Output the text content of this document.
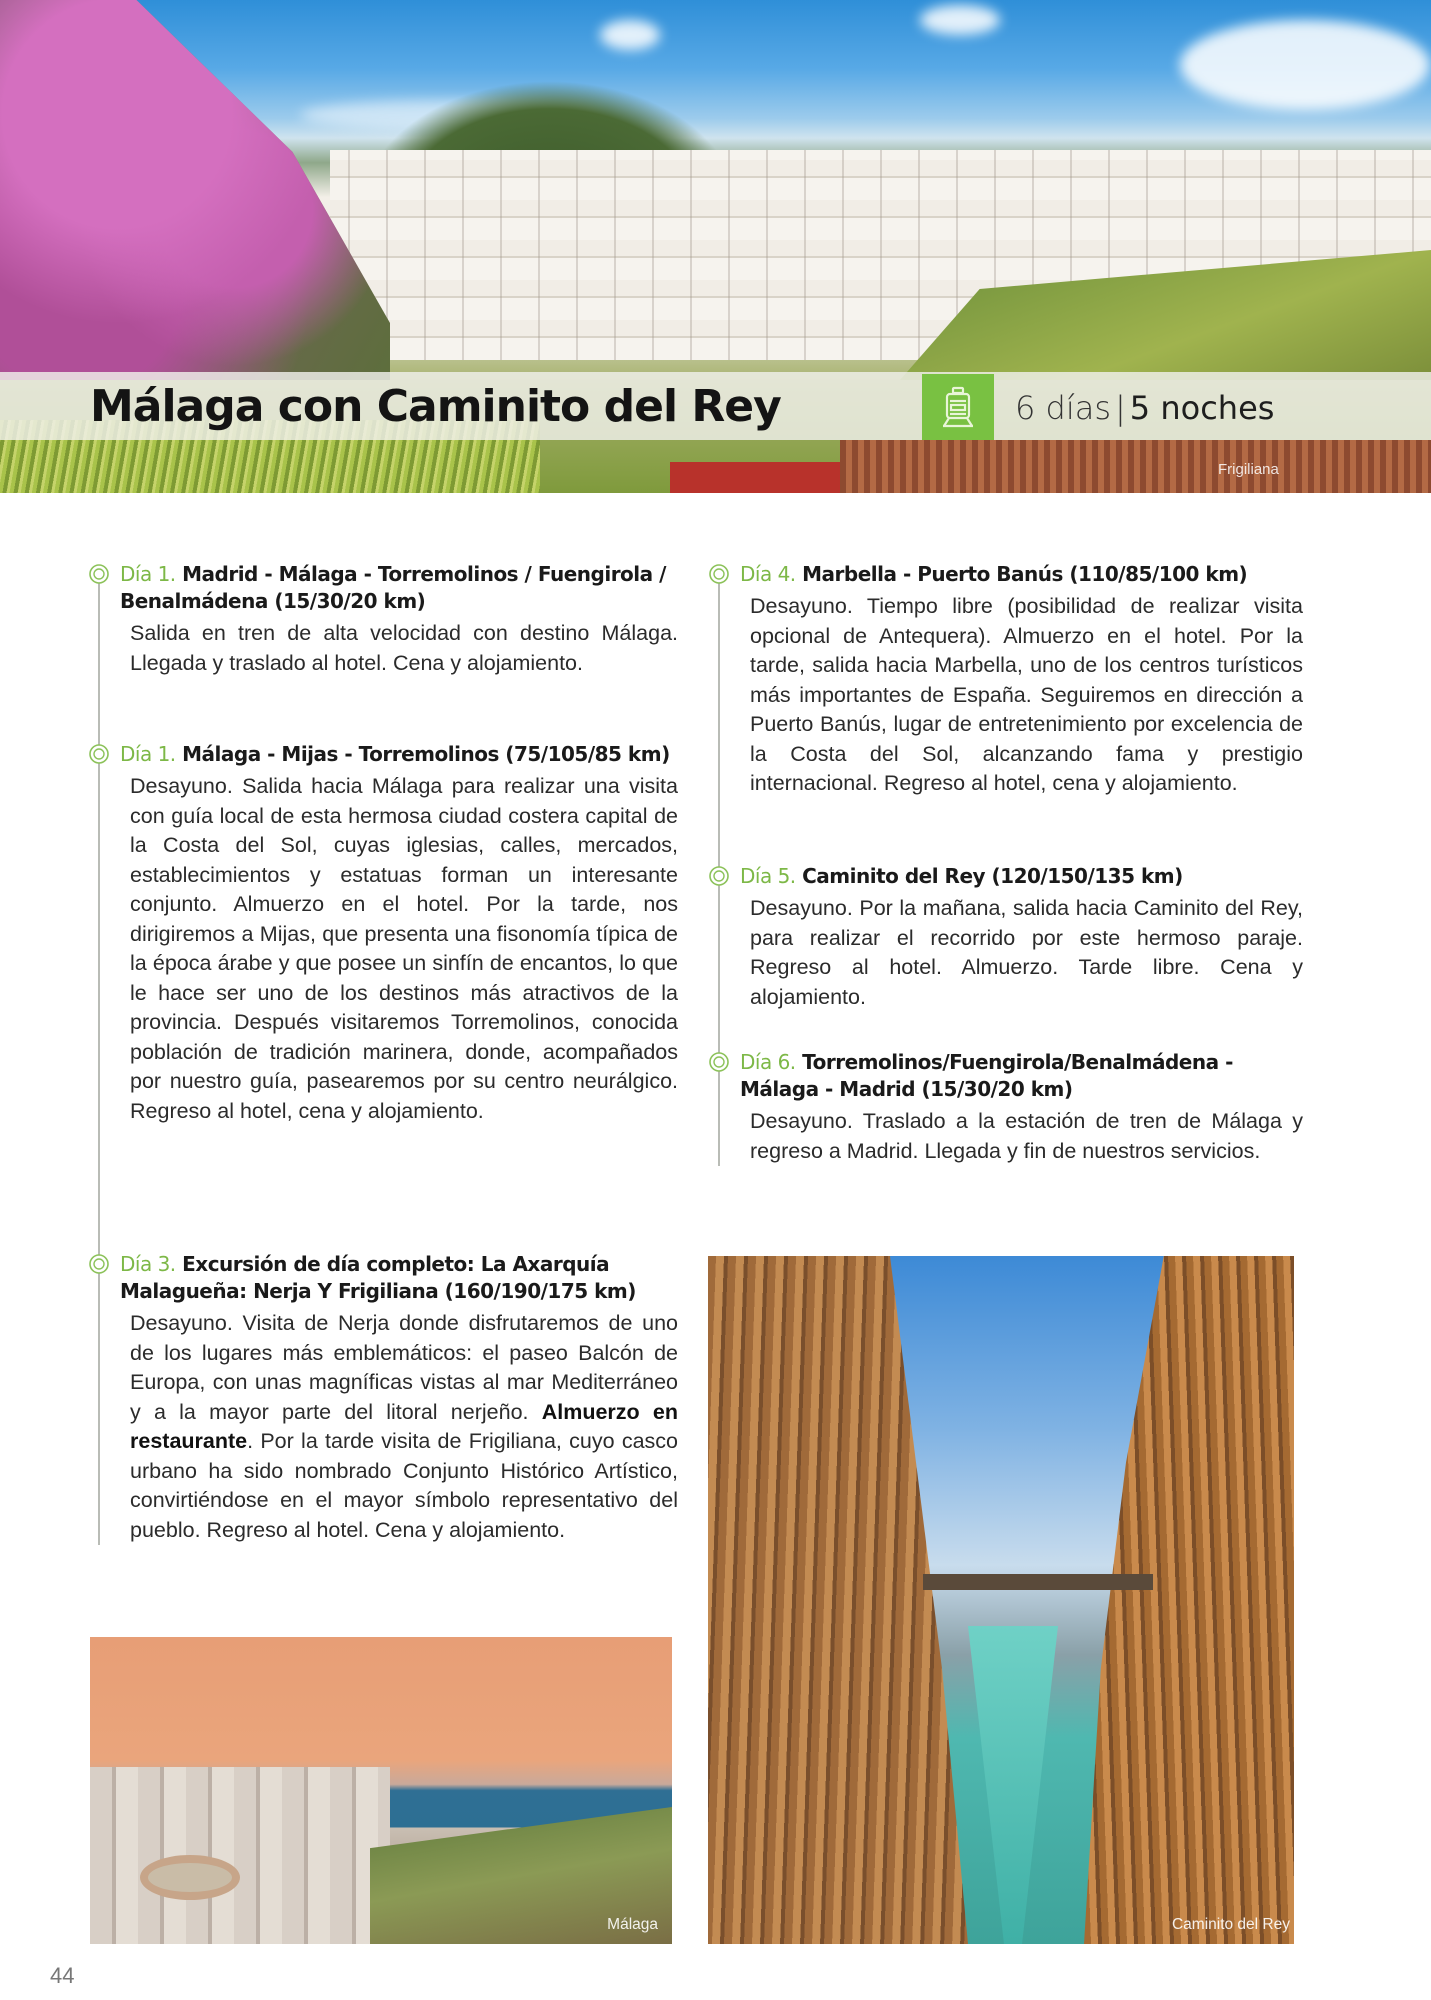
Frigiliana
Málaga con Caminito del Rey	6 días | 5 noches
Día 1. Madrid - Málaga - Torremolinos / Fuengirola / Benalmádena (15/30/20 km)

Salida en tren de alta velocidad con destino Málaga. Llegada y traslado al hotel. Cena y alojamiento.

Día 1. Málaga - Mijas - Torremolinos (75/105/85 km)

Desayuno. Salida hacia Málaga para realizar una visita con guía local de esta hermosa ciudad costera capital de la Costa del Sol, cuyas iglesias, calles, mercados, establecimientos y estatuas forman un interesante conjunto. Almuerzo en el hotel. Por la tarde, nos dirigiremos a Mijas, que presenta una fisonomía típica de la época árabe y que posee un sinfín de encantos, lo que le hace ser uno de los destinos más atractivos de la provincia. Después visitaremos Torremolinos, conocida población de tradición marinera, donde, acompañados por nuestro guía, pasearemos por su centro neurálgico. Regreso al hotel, cena y alojamiento.

Día 3. Excursión de día completo: La Axarquía Malagueña: Nerja Y Frigiliana (160/190/175 km)

Desayuno. Visita de Nerja donde disfrutaremos de uno de los lugares más emblemáticos: el paseo Balcón de Europa, con unas magníficas vistas al mar Mediterráneo y a la mayor parte del litoral nerjeño. Almuerzo en restaurante. Por la tarde visita de Frigiliana, cuyo casco urbano ha sido nombrado Conjunto Histórico Artístico, convirtiéndose en el mayor símbolo representativo del pueblo. Regreso al hotel. Cena y alojamiento.

Día 4. Marbella - Puerto Banús (110/85/100 km)

Desayuno. Tiempo libre (posibilidad de realizar visita opcional de Antequera). Almuerzo en el hotel. Por la tarde, salida hacia Marbella, uno de los centros turísticos más importantes de España. Seguiremos en dirección a Puerto Banús, lugar de entretenimiento por excelencia de la Costa del Sol, alcanzando fama y prestigio internacional. Regreso al hotel, cena y alojamiento.

Día 5. Caminito del Rey (120/150/135 km)

Desayuno. Por la mañana, salida hacia Caminito del Rey, para realizar el recorrido por este hermoso paraje. Regreso al hotel. Almuerzo. Tarde libre. Cena y alojamiento.

Día 6. Torremolinos/Fuengirola/Benalmádena - Málaga - Madrid (15/30/20 km)

Desayuno. Traslado a la estación de tren de Málaga y regreso a Madrid. Llegada y fin de nuestros servicios.

Málaga	Caminito del Rey
44
